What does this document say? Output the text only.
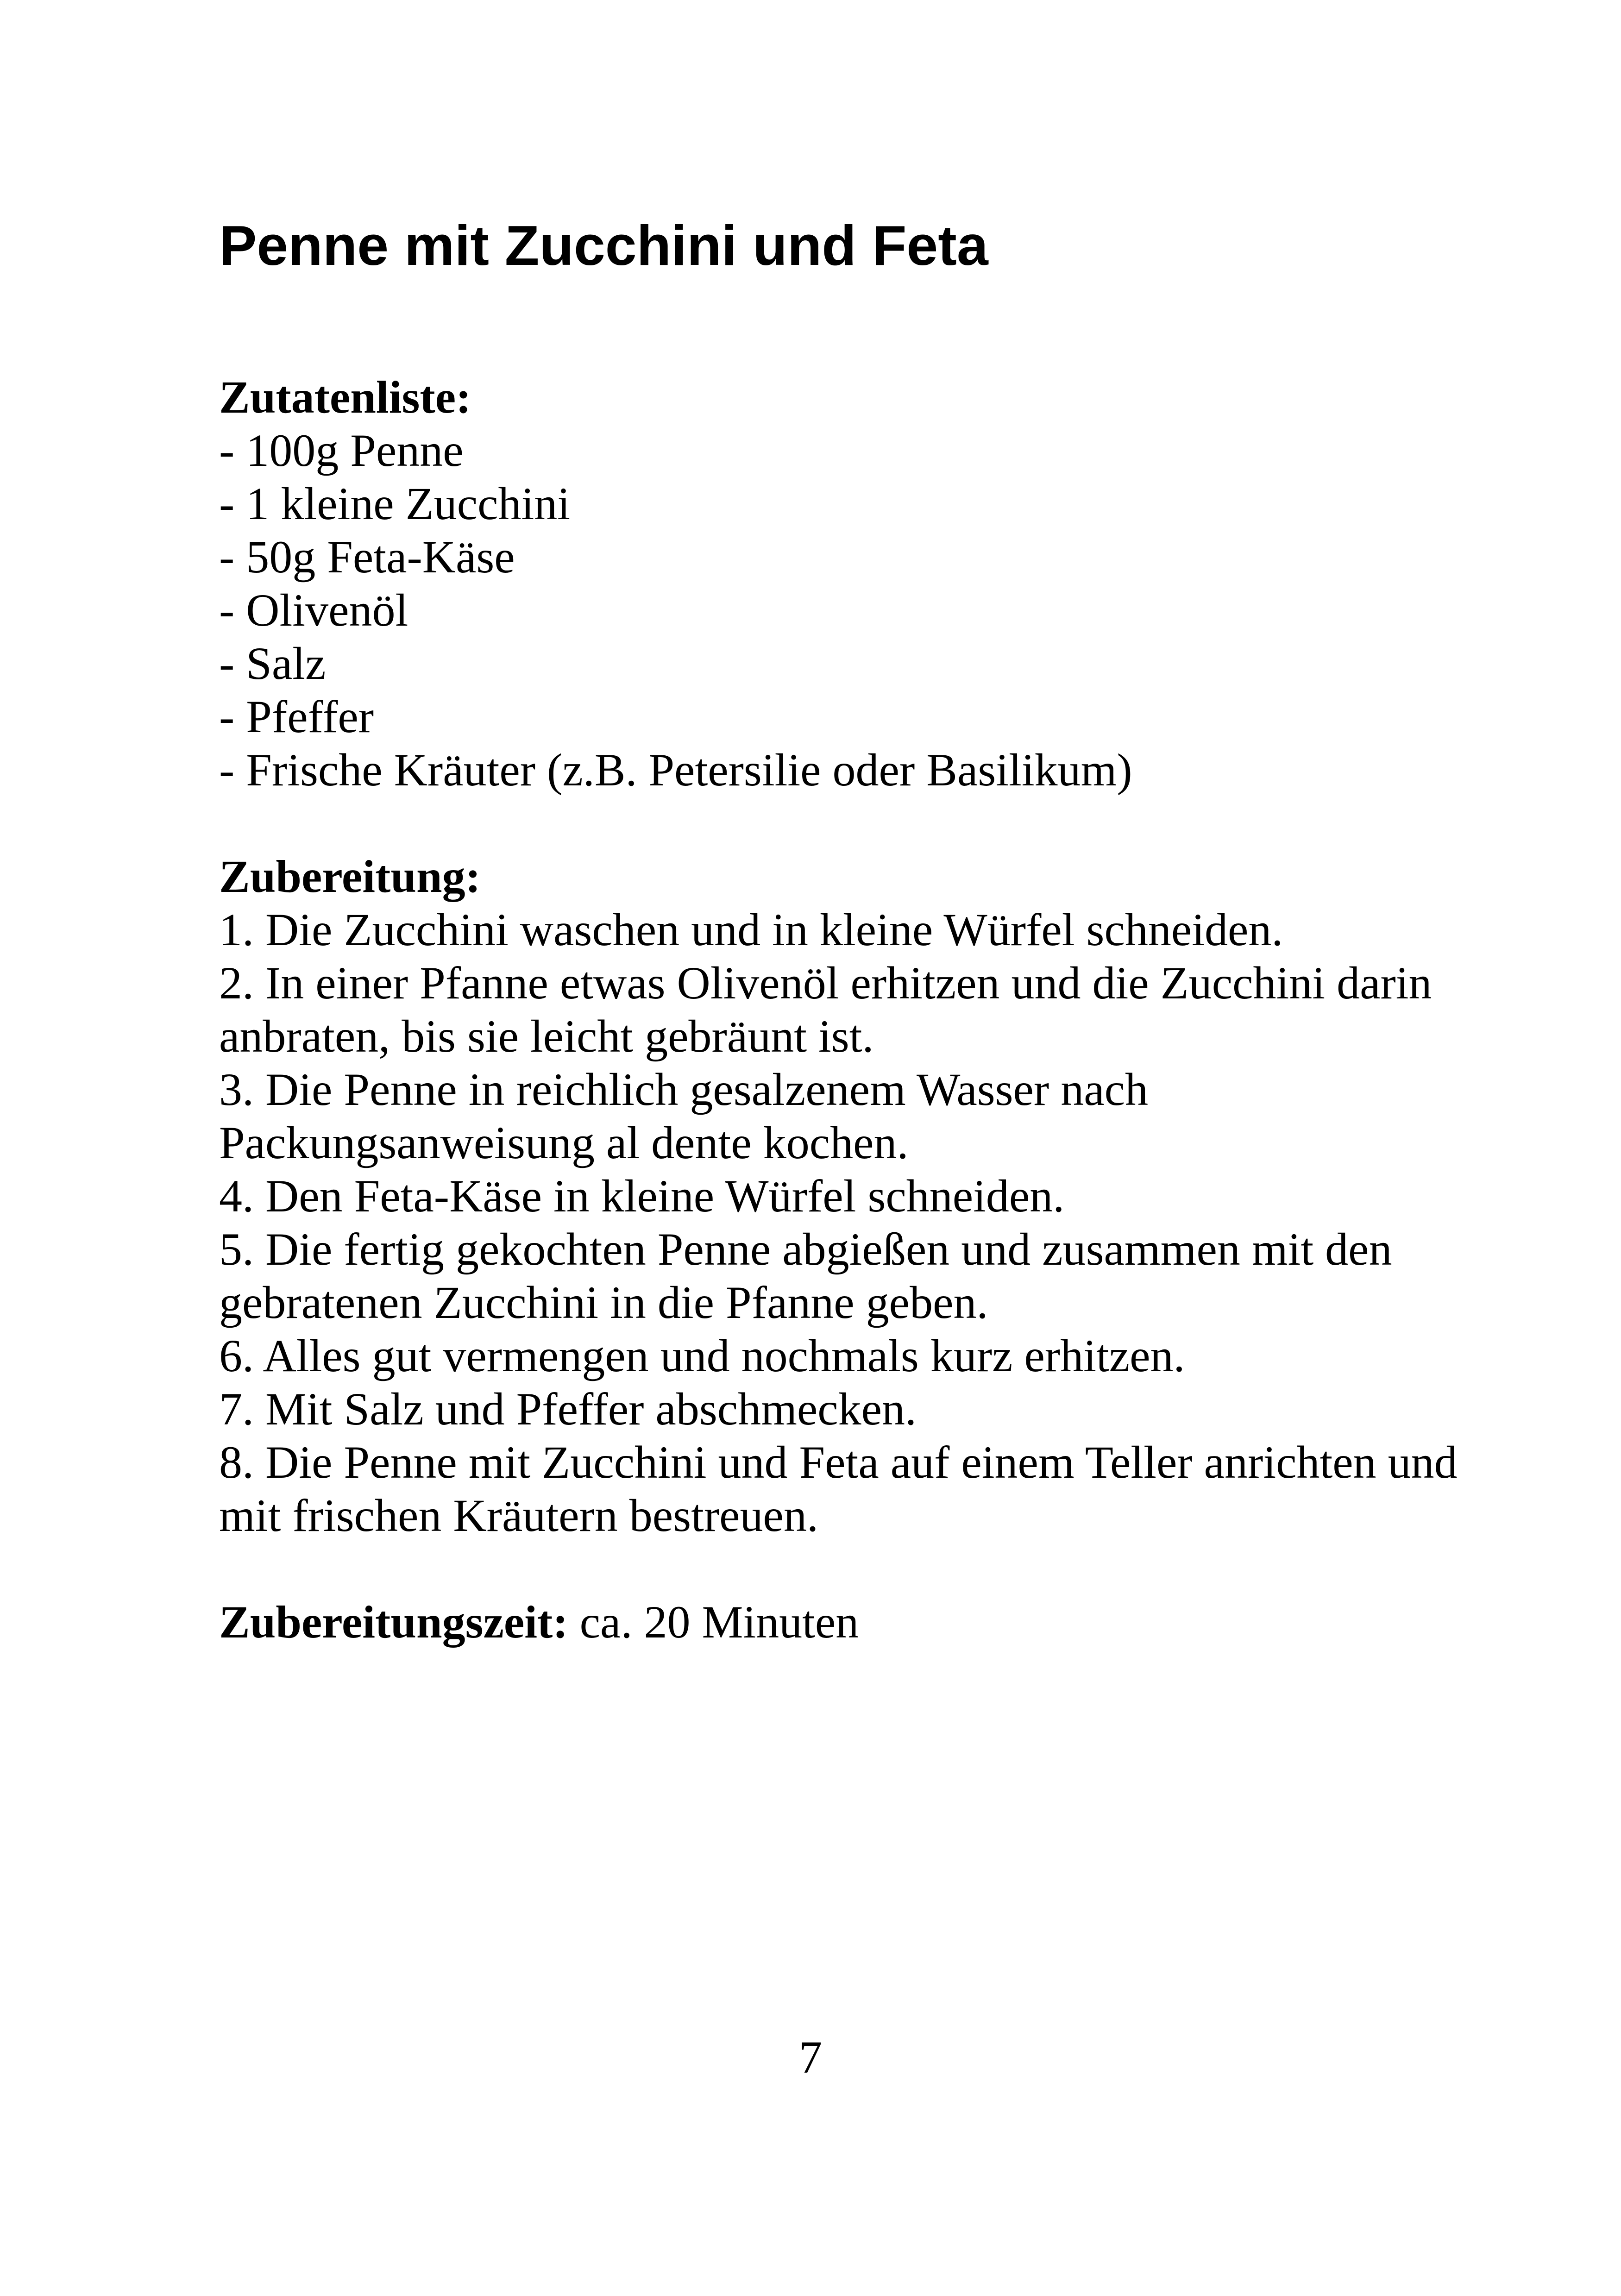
Penne mit Zucchini und Feta

Zutatenliste:

- 100g Penne
- 1 kleine Zucchini
- 50g Feta-Käse
- Olivenöl
- Salz
- Pfeffer
- Frische Kräuter (z.B. Petersilie oder Basilikum)

Zubereitung:

1. Die Zucchini waschen und in kleine Würfel schneiden.
2. In einer Pfanne etwas Olivenöl erhitzen und die Zucchini darin anbraten, bis sie leicht gebräunt ist.
3. Die Penne in reichlich gesalzenem Wasser nach Packungsanweisung al dente kochen.
4. Den Feta-Käse in kleine Würfel schneiden.
5. Die fertig gekochten Penne abgießen und zusammen mit den gebratenen Zucchini in die Pfanne geben.
6. Alles gut vermengen und nochmals kurz erhitzen.
7. Mit Salz und Pfeffer abschmecken.
8. Die Penne mit Zucchini und Feta auf einem Teller anrichten und mit frischen Kräutern bestreuen.

Zubereitungszeit: ca. 20 Minuten

7
